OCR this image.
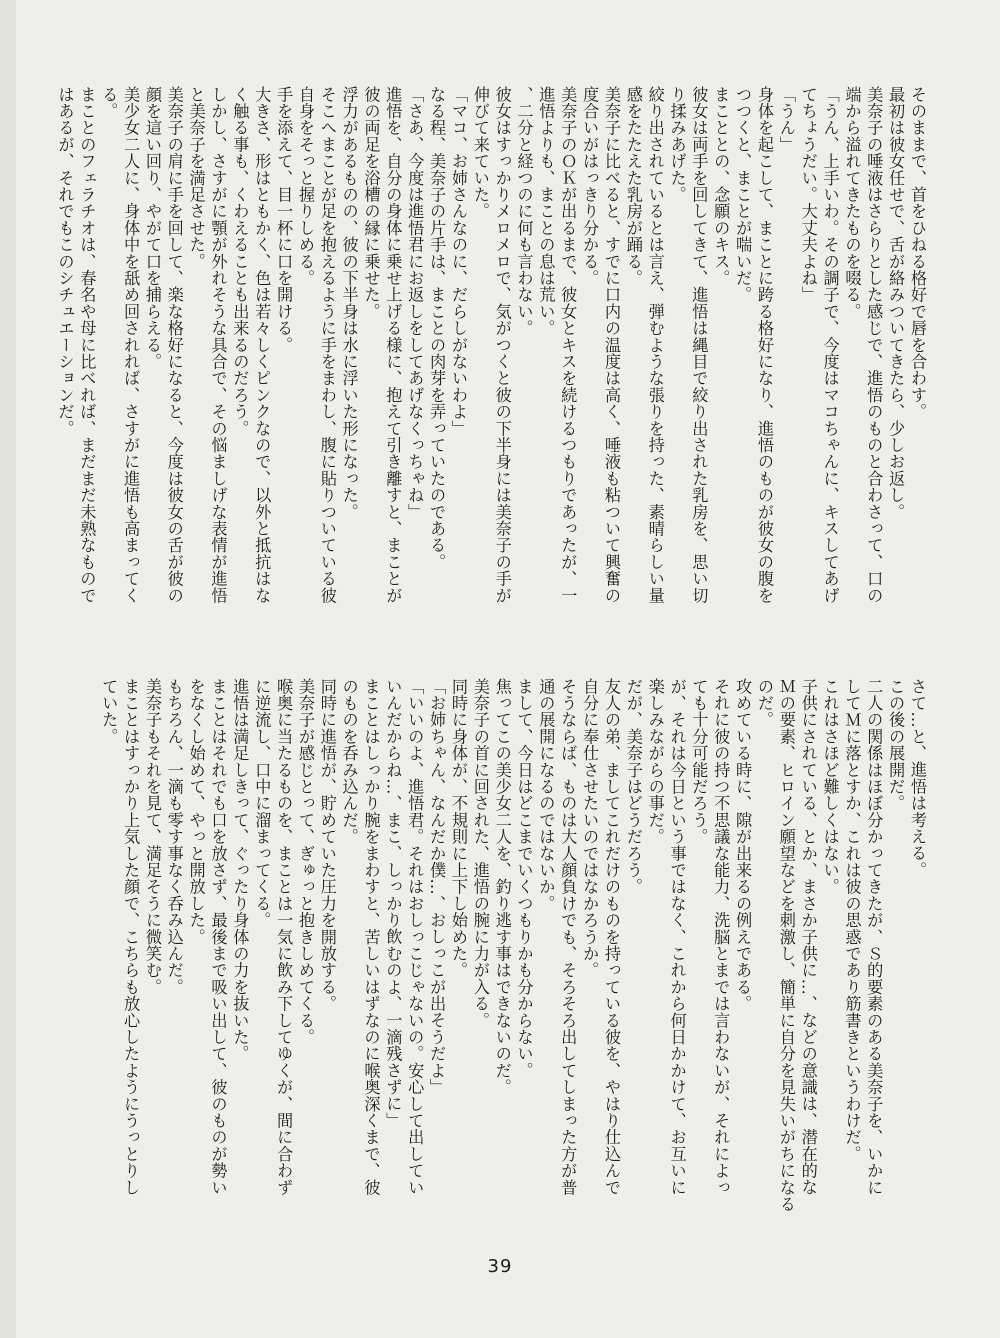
そのままで、首をひねる格好で唇を合わす。
最初は彼女任せで、舌が絡みついてきたら、少しお返し。
美奈子の唾液はさらりとした感じで、進悟のものと合わさって、口の
端から溢れてきたものを啜る。
「うん、上手いわ。その調子で、今度はマコちゃんに、キスしてあげ
てちょうだい。大丈夫よね」
「うん」
身体を起こして、まことに跨る格好になり、進悟のものが彼女の腹を
つつくと、まことが喘いだ。
まこととの、念願のキス。
彼女は両手を回してきて、進悟は縄目で絞り出された乳房を、思い切
り揉みあげた。
絞り出されているとは言え、弾むような張りを持った、素晴らしい量
感をたたえた乳房が踊る。
美奈子に比べると、すでに口内の温度は高く、唾液も粘ついて興奮の
度合いがはっきり分かる。
美奈子のＯＫが出るまで、彼女とキスを続けるつもりであったが、一
進悟よりも、まことの息は荒い。
、二分と経つのに何も言わない。
彼女はすっかりメロメロで、気がつくと彼の下半身には美奈子の手が
伸びて来ていた。
「マコ、お姉さんなのに、だらしがないわよ」
なる程、美奈子の片手は、まことの肉芽を弄っていたのである。
「さあ、今度は進悟君にお返しをしてあげなくっちゃね」
進悟を、自分の身体に乗せ上げる様に、抱えて引き離すと、まことが
彼の両足を浴槽の縁に乗せた。
浮力があるものの、彼の下半身は水に浮いた形になった。
そこへまことが足を抱えるように手をまわし、腹に貼りついている彼
自身をそっと握りしめる。
手を添えて、目一杯に口を開ける。
大きさ、形はともかく、色は若々しくピンクなので、以外と抵抗はな
く触る事も、くわえることも出来るのだろう。
しかし、さすがに顎が外れそうな具合で、その悩ましげな表情が進悟
と美奈子を満足させた。
美奈子の肩に手を回して、楽な格好になると、今度は彼女の舌が彼の
顔を這い回り、やがて口を捕らえる。
美少女二人に、身体中を舐め回されれば、さすがに進悟も高まってく
る。
まことのフェラチオは、春名や母に比べれば、まだまだ未熟なもので
はあるが、それでもこのシチュエーションだ。
さて…と、進悟は考える。
この後の展開だ。
二人の関係はほぼ分かってきたが、Ｓ的要素のある美奈子を、いかに
してＭに落とすか、これは彼の思惑であり筋書きというわけだ。
これはさほど難しくはない。
子供にされている、とか、まさか子供に…、などの意識は、潜在的な
Ｍの要素、ヒロイン願望などを刺激し、簡単に自分を見失いがちになる
のだ。
攻めている時に、隙が出来るの例えである。
それに彼の持つ不思議な能力、洗脳とまでは言わないが、それによっ
ても十分可能だろう。
が、それは今日という事ではなく、これから何日かかけて、お互いに
楽しみながらの事だ。
だが、美奈子はどうだろう。
友人の弟、ましてこれだけのものを持っている彼を、やはり仕込んで
自分に奉仕させたいのではなかろうか。
そうならば、ものは大人顔負けでも、そろそろ出してしまった方が普
通の展開になるのではないか。
まして、今日はどこまでいくつもりかも分からない。
焦ってこの美少女二人を、釣り逃す事はできないのだ。
美奈子の首に回された、進悟の腕に力が入る。
同時に身体が、不規則に上下し始めた。
「お姉ちゃん、なんだか僕…、おしっこが出そうだよ」
「いいのよ、進悟君。それはおしっこじゃないの。安心して出してい
いんだからね…、まこ、しっかり飲むのよ、一滴残さずに」
まことはしっかり腕をまわすと、苦しいはずなのに喉奥深くまで、彼
のものを呑み込んだ。
同時に進悟が、貯めていた圧力を開放する。
美奈子が感じとって、ぎゅっと抱きしめてくる。
喉奥に当たるものを、まことは一気に飲み下してゆくが、間に合わず
に逆流し、口中に溜まってくる。
進悟は満足しきって、ぐったり身体の力を抜いた。
まことはそれでも口を放さず、最後まで吸い出して、彼のものが勢い
をなくし始めて、やっと開放した。
もちろん、一滴も零す事なく呑み込んだ。
美奈子もそれを見て、満足そうに微笑む。
まことはすっかり上気した顔で、こちらも放心したようにうっとりし
ていた。
39
